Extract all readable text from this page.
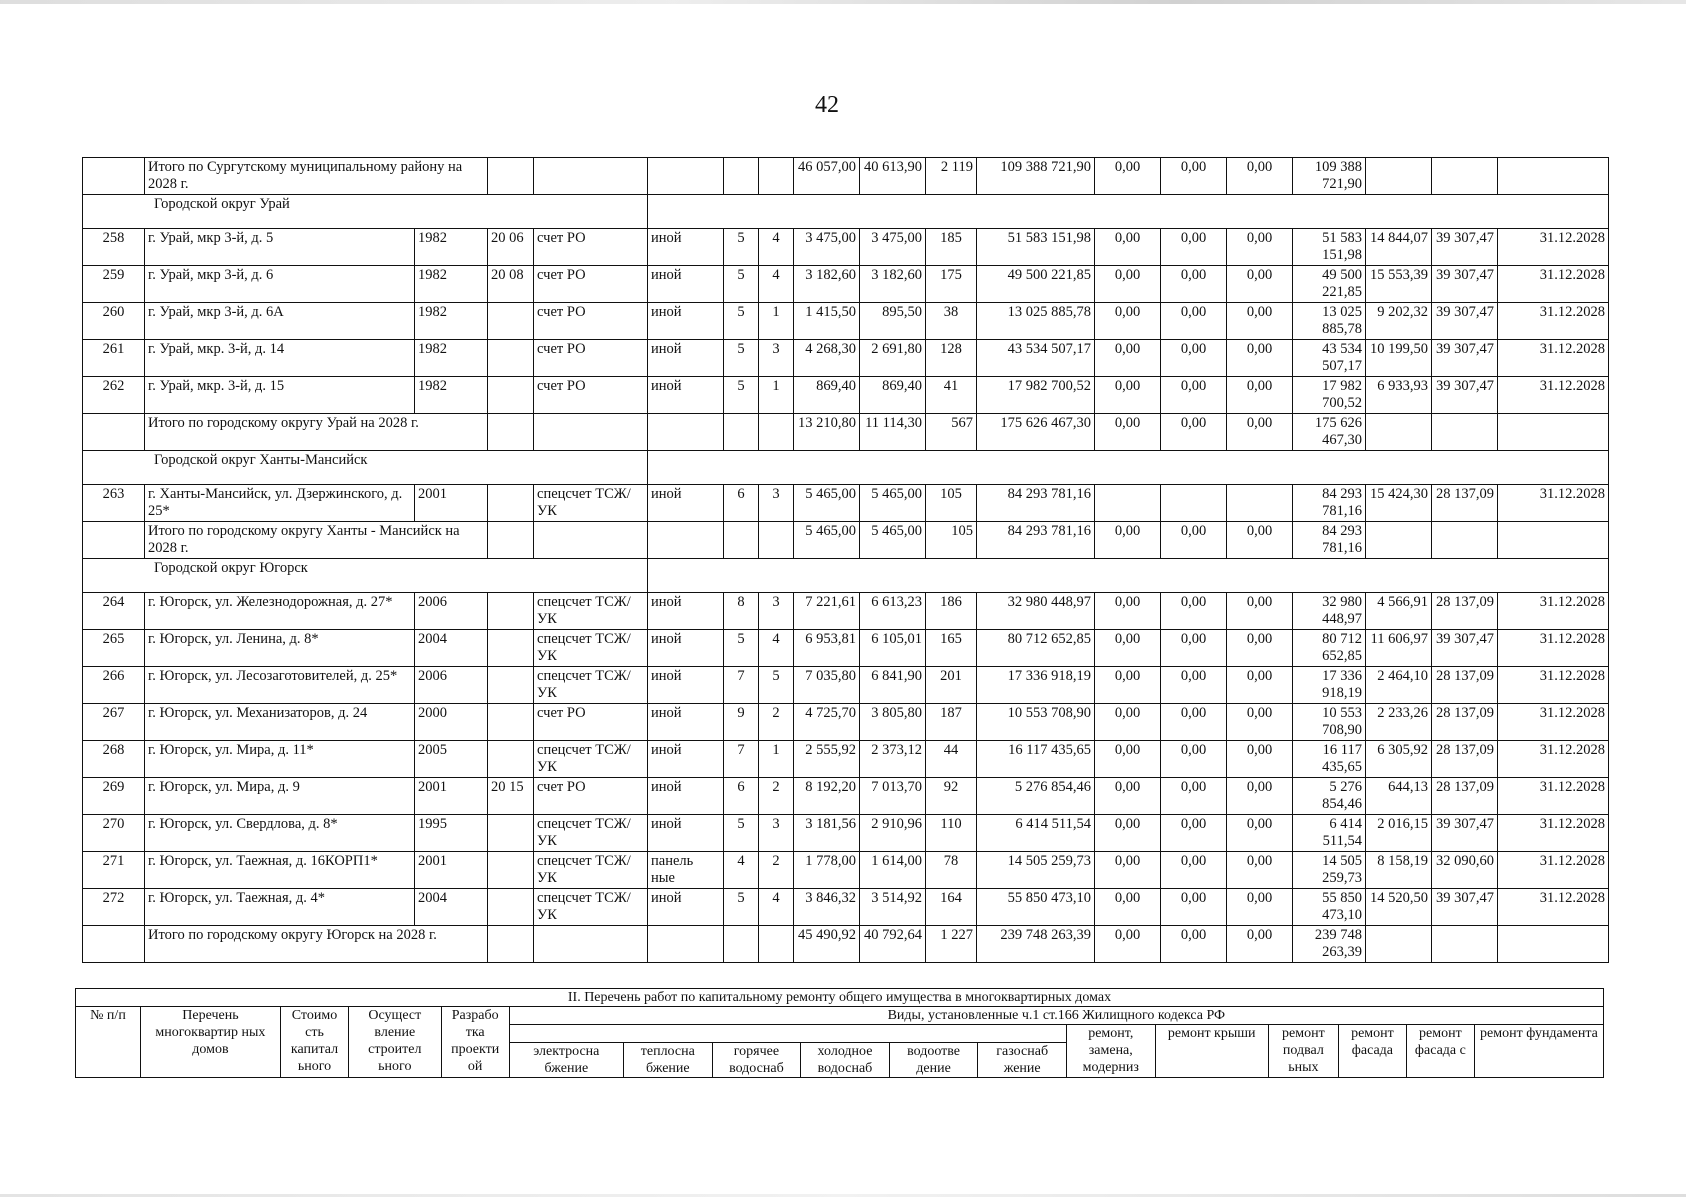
42
	Итого по Сургутскому муниципальному району на 2028 г.							46 057,00	40 613,90	2 119	109 388 721,90	0,00	0,00	0,00	109 388 721,90			
Городской округ Урай																		
258	г. Урай, мкр 3-й, д. 5	1982	20 06	счет РО	иной	5	4	3 475,00	3 475,00	185	51 583 151,98	0,00	0,00	0,00	51 583 151,98	14 844,07	39 307,47	31.12.2028
259	г. Урай, мкр 3-й, д. 6	1982	20 08	счет РО	иной	5	4	3 182,60	3 182,60	175	49 500 221,85	0,00	0,00	0,00	49 500 221,85	15 553,39	39 307,47	31.12.2028
260	г. Урай, мкр 3-й, д. 6А	1982		счет РО	иной	5	1	1 415,50	895,50	38	13 025 885,78	0,00	0,00	0,00	13 025 885,78	9 202,32	39 307,47	31.12.2028
261	г. Урай, мкр. 3-й, д. 14	1982		счет РО	иной	5	3	4 268,30	2 691,80	128	43 534 507,17	0,00	0,00	0,00	43 534 507,17	10 199,50	39 307,47	31.12.2028
262	г. Урай, мкр. 3-й, д. 15	1982		счет РО	иной	5	1	869,40	869,40	41	17 982 700,52	0,00	0,00	0,00	17 982 700,52	6 933,93	39 307,47	31.12.2028
	Итого по городскому округу Урай на 2028 г.							13 210,80	11 114,30	567	175 626 467,30	0,00	0,00	0,00	175 626 467,30			
Городской округ Ханты-Мансийск																		
263	г. Ханты-Мансийск, ул. Дзержинского, д. 25*	2001		спецсчет ТСЖ/УК	иной	6	3	5 465,00	5 465,00	105	84 293 781,16				84 293 781,16	15 424,30	28 137,09	31.12.2028
	Итого по городскому округу Ханты - Мансийск на 2028 г.							5 465,00	5 465,00	105	84 293 781,16	0,00	0,00	0,00	84 293 781,16			
Городской округ Югорск																		
264	г. Югорск, ул. Железнодорожная, д. 27*	2006		спецсчет ТСЖ/УК	иной	8	3	7 221,61	6 613,23	186	32 980 448,97	0,00	0,00	0,00	32 980 448,97	4 566,91	28 137,09	31.12.2028
265	г. Югорск, ул. Ленина, д. 8*	2004		спецсчет ТСЖ/УК	иной	5	4	6 953,81	6 105,01	165	80 712 652,85	0,00	0,00	0,00	80 712 652,85	11 606,97	39 307,47	31.12.2028
266	г. Югорск, ул. Лесозаготовителей, д. 25*	2006		спецсчет ТСЖ/УК	иной	7	5	7 035,80	6 841,90	201	17 336 918,19	0,00	0,00	0,00	17 336 918,19	2 464,10	28 137,09	31.12.2028
267	г. Югорск, ул. Механизаторов, д. 24	2000		счет РО	иной	9	2	4 725,70	3 805,80	187	10 553 708,90	0,00	0,00	0,00	10 553 708,90	2 233,26	28 137,09	31.12.2028
268	г. Югорск, ул. Мира, д. 11*	2005		спецсчет ТСЖ/УК	иной	7	1	2 555,92	2 373,12	44	16 117 435,65	0,00	0,00	0,00	16 117 435,65	6 305,92	28 137,09	31.12.2028
269	г. Югорск, ул. Мира, д. 9	2001	20 15	счет РО	иной	6	2	8 192,20	7 013,70	92	5 276 854,46	0,00	0,00	0,00	5 276 854,46	644,13	28 137,09	31.12.2028
270	г. Югорск, ул. Свердлова, д. 8*	1995		спецсчет ТСЖ/УК	иной	5	3	3 181,56	2 910,96	110	6 414 511,54	0,00	0,00	0,00	6 414 511,54	2 016,15	39 307,47	31.12.2028
271	г. Югорск, ул. Таежная, д. 16КОРП1*	2001		спецсчет ТСЖ/УК	панель ные	4	2	1 778,00	1 614,00	78	14 505 259,73	0,00	0,00	0,00	14 505 259,73	8 158,19	32 090,60	31.12.2028
272	г. Югорск, ул. Таежная, д. 4*	2004		спецсчет ТСЖ/УК	иной	5	4	3 846,32	3 514,92	164	55 850 473,10	0,00	0,00	0,00	55 850 473,10	14 520,50	39 307,47	31.12.2028
	Итого по городскому округу Югорск на 2028 г.							45 490,92	40 792,64	1 227	239 748 263,39	0,00	0,00	0,00	239 748 263,39			
II. Перечень работ по капитальному ремонту общего имущества в многоквартирных домах																
№ п/п	Перечень многоквартир ных домов	Стоимо сть капитал ьного	Осущест вление строител ьного	Разрабо тка проекти ой	Виды, установленные ч.1 ст.166 Жилищного кодекса РФ											
											ремонт, замена, модерниз	ремонт крыши	ремонт подвал ьных	ремонт фасада	ремонт фасада с	ремонт фундамента
					электросна бжение	теплосна бжение	горячее водоснаб	холодное водоснаб	водоотве дение	газоснаб жение						
